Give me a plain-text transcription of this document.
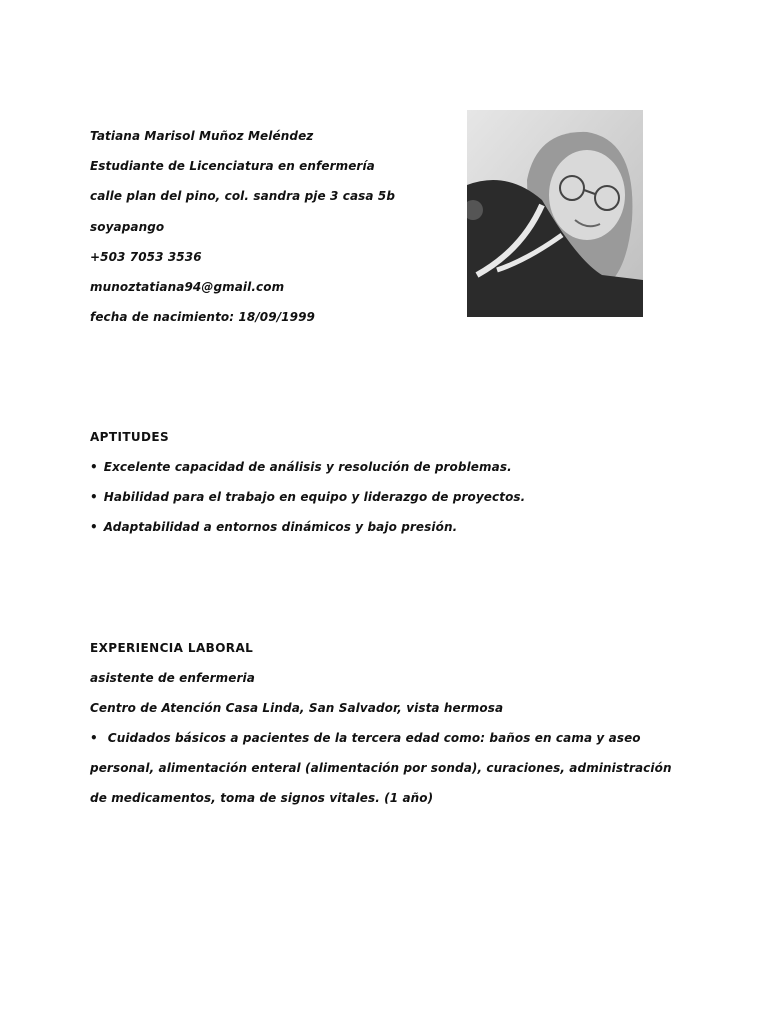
Tatiana Marisol Muñoz Meléndez
Estudiante de Licenciatura en enfermería
calle plan del pino, col. sandra pje 3 casa 5b
soyapango
+503 7053 3536
munoztatiana94@gmail.com
fecha de nacimiento: 18/09/1999
APTITUDES
• Excelente capacidad de análisis y resolución de problemas.
• Habilidad para el trabajo en equipo y liderazgo de proyectos.
• Adaptabilidad a entornos dinámicos y bajo presión.
EXPERIENCIA LABORAL
asistente de enfermeria
Centro de Atención Casa Linda, San Salvador, vista hermosa
• Cuidados básicos a pacientes de la tercera edad como: baños en cama y aseo
personal, alimentación enteral (alimentación por sonda), curaciones, administración
de medicamentos, toma de signos vitales. (1 año)
